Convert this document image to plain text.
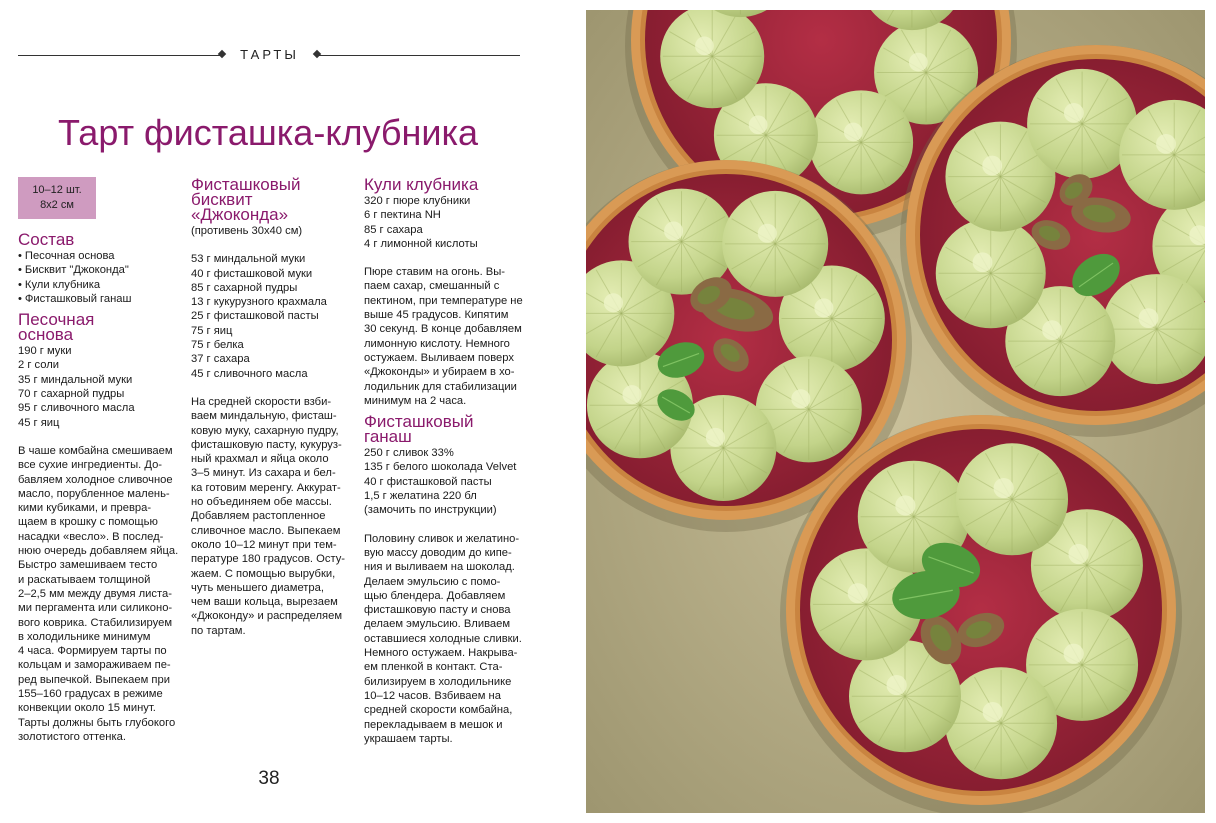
ТАРТЫ
Тарт фисташка-клубника
10–12 шт.
8x2 см
Состав
• Песочная основа
• Бисквит "Джоконда"
• Кули клубника
• Фисташковый ганаш
Песочная
основа
190 г муки
2 г соли
35 г миндальной муки
70 г сахарной пудры
95 г сливочного масла
45 г яиц
В чаше комбайна смешиваем
все сухие ингредиенты. До-
бавляем холодное сливочное
масло, порубленное малень-
кими кубиками, и превра-
щаем в крошку с помощью
насадки «весло». В послед-
нюю очередь добавляем яйца.
Быстро замешиваем тесто
и раскатываем толщиной
2–2,5 мм между двумя листа-
ми пергамента или силиконо-
вого коврика. Стабилизируем
в холодильнике минимум
4 часа. Формируем тарты по
кольцам и замораживаем пе-
ред выпечкой. Выпекаем при
155–160 градусах в режиме
конвекции около 15 минут.
Тарты должны быть глубокого
золотистого оттенка.
Фисташковый
бисквит
«Джоконда»
(противень 30x40 см)
53 г миндальной муки
40 г фисташковой муки
85 г сахарной пудры
13 г кукурузного крахмала
25 г фисташковой пасты
75 г яиц
75 г белка
37 г сахара
45 г сливочного масла
На средней скорости взби-
ваем миндальную, фисташ-
ковую муку, сахарную пудру,
фисташковую пасту, кукуруз-
ный крахмал и яйца около
3–5 минут. Из сахара и бел-
ка готовим меренгу. Аккурат-
но объединяем обе массы.
Добавляем растопленное
сливочное масло. Выпекаем
около 10–12 минут при тем-
пературе 180 градусов. Осту-
жаем. С помощью вырубки,
чуть меньшего диаметра,
чем ваши кольца, вырезаем
«Джоконду» и распределяем
по тартам.
Кули клубника
320 г пюре клубники
6 г пектина NH
85 г сахара
4 г лимонной кислоты
Пюре ставим на огонь. Вы-
паем сахар, смешанный с
пектином, при температуре не
выше 45 градусов. Кипятим
30 секунд. В конце добавляем
лимонную кислоту. Немного
остужаем. Выливаем поверх
«Джоконды» и убираем в хо-
лодильник для стабилизации
минимум на 2 часа.
Фисташковый
ганаш
250 г сливок 33%
135 г белого шоколада Velvet
40 г фисташковой пасты
1,5 г желатина 220 бл
(замочить по инструкции)
Половину сливок и желатино-
вую массу доводим до кипе-
ния и выливаем на шоколад.
Делаем эмульсию с помо-
щью блендера. Добавляем
фисташковую пасту и снова
делаем эмульсию. Вливаем
оставшиеся холодные сливки.
Немного остужаем. Накрыва-
ем пленкой в контакт. Ста-
билизируем в холодильнике
10–12 часов. Взбиваем на
средней скорости комбайна,
перекладываем в мешок и
украшаем тарты.
38
